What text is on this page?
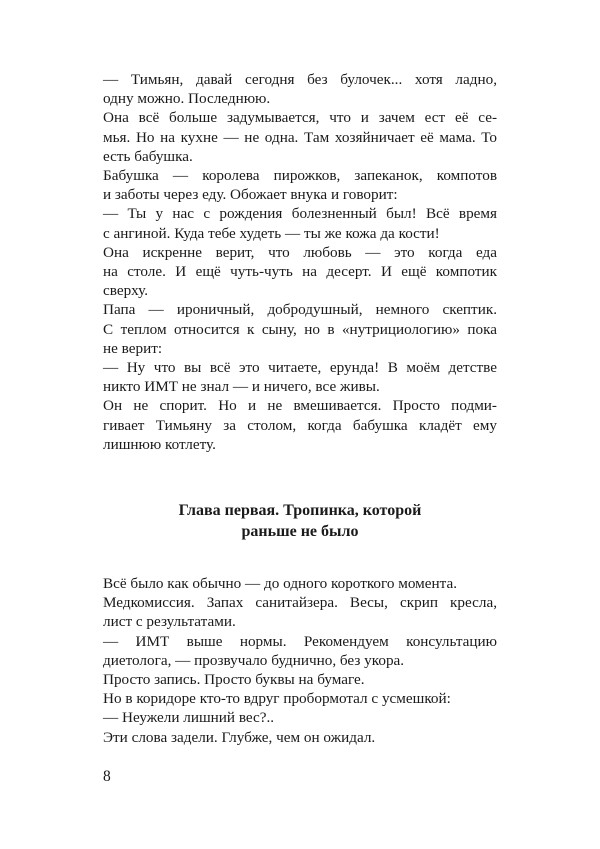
— Тимьян, давай сегодня без булочек... хотя ладно,
одну можно. Последнюю.

Она всё больше задумывается, что и зачем ест её се-
мья. Но на кухне — не одна. Там хозяйничает её мама. То
есть бабушка.

Бабушка — королева пирожков, запеканок, компотов
и заботы через еду. Обожает внука и говорит:

— Ты у нас с рождения болезненный был! Всё время
с ангиной. Куда тебе худеть — ты же кожа да кости!

Она искренне верит, что любовь — это когда еда
на столе. И ещё чуть-чуть на десерт. И ещё компотик
сверху.

Папа — ироничный, добродушный, немного скептик.
С теплом относится к сыну, но в «нутрициологию» пока
не верит:

— Ну что вы всё это читаете, ерунда! В моём детстве
никто ИМТ не знал — и ничего, все живы.

Он не спорит. Но и не вмешивается. Просто подми-
гивает Тимьяну за столом, когда бабушка кладёт ему
лишнюю котлету.

Глава первая. Тропинка, которой
раньше не было

Всё было как обычно — до одного короткого момента.

Медкомиссия. Запах санитайзера. Весы, скрип кресла,
лист с результатами.

— ИМТ выше нормы. Рекомендуем консультацию
диетолога, — прозвучало буднично, без укора.

Просто запись. Просто буквы на бумаге.

Но в коридоре кто-то вдруг пробормотал с усмешкой:

— Неужели лишний вес?..

Эти слова задели. Глубже, чем он ожидал.

8
